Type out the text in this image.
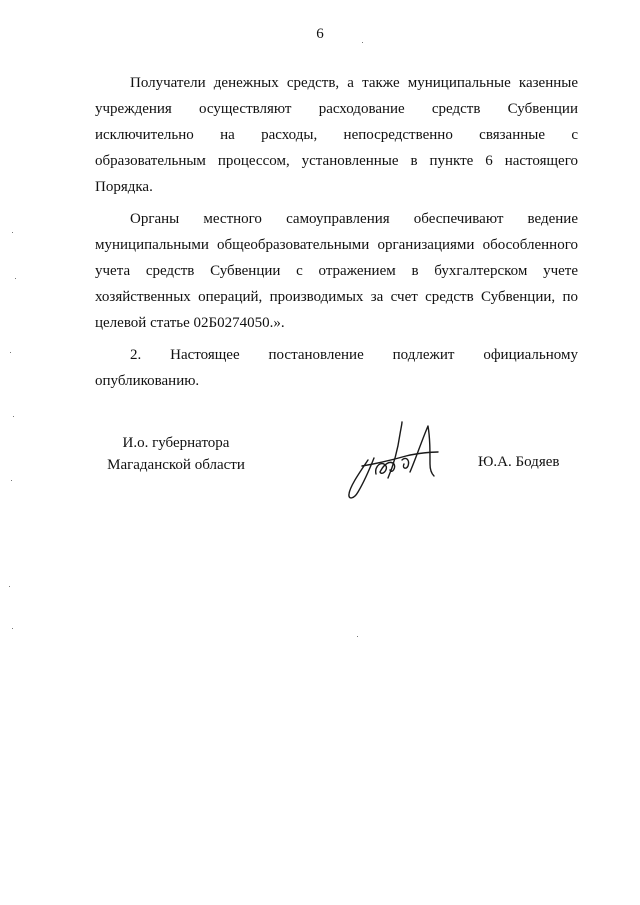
6

Получатели денежных средств, а также муниципальные казенные учреждения осуществляют расходование средств Субвенции исключительно на расходы, непосредственно связанные с образовательным процессом, установленные в пункте 6 настоящего Порядка.

Органы местного самоуправления обеспечивают ведение муниципальными общеобразовательными организациями обособленного учета средств Субвенции с отражением в бухгалтерском учете хозяйственных операций, производимых за счет средств Субвенции, по целевой статье 02Б0274050.».

2. Настоящее постановление подлежит официальному опубликованию.

И.о. губернатора
Магаданской области	Ю.А. Бодяев
